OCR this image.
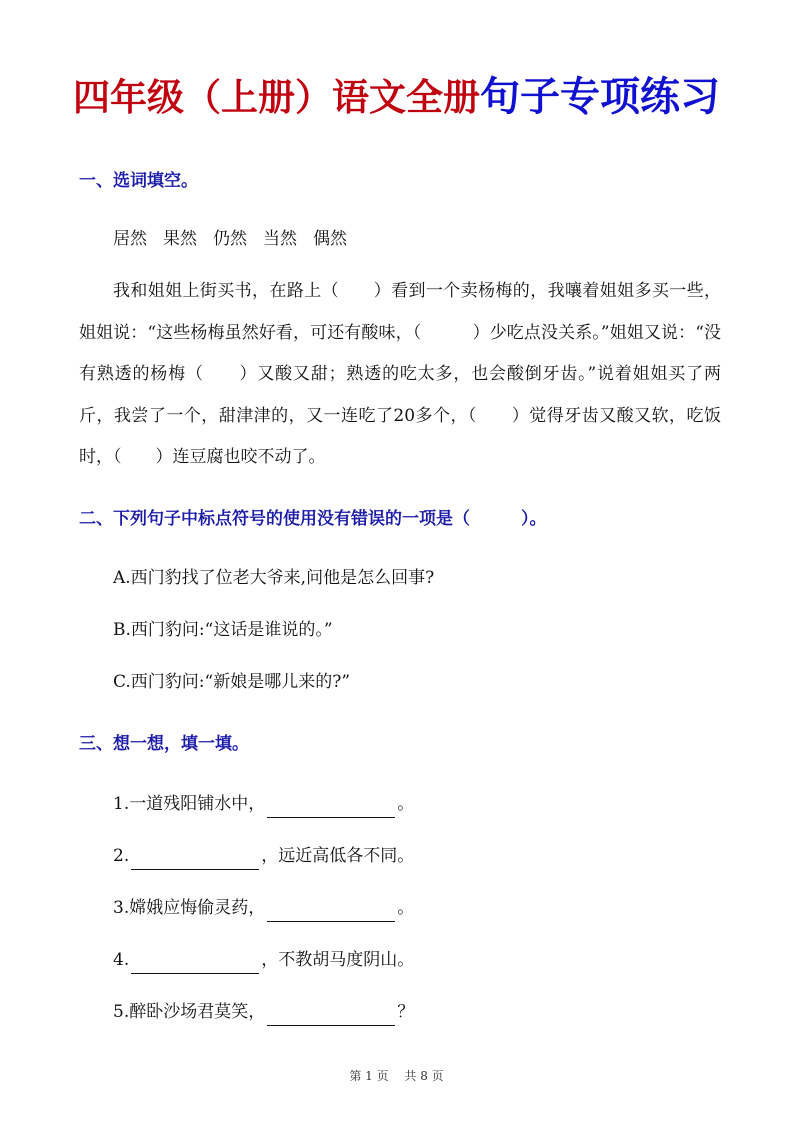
四年级（上册）语文全册句子专项练习
一、选词填空。
居然 果然 仍然 当然 偶然
我和姐姐上街买书，在路上（　　 ）看到一个卖杨梅的，我嚷着姐姐多买一些，姐姐说：“这些杨梅虽然好看，可还有酸味，（　　　	）少吃点没关系。”姐姐又说：“没有熟透的杨梅（　　 ）又酸又甜；熟透的吃太多，也会酸倒牙齿。”说着姐姐买了两斤，我尝了一个，甜津津的，又一连吃了20多个，（　　 ）觉得牙齿又酸又软，吃饭时，（　　 ）连豆腐也咬不动了。
二、下列句子中标点符号的使用没有错误的一项是（　　　）。
A.西门豹找了位老大爷来,问他是怎么回事?
B.西门豹问:“这话是谁说的。”
C.西门豹问:“新娘是哪儿来的?”
三、想一想，填一填。
1.一道残阳铺水中，	。
2.	，远近高低各不同。
3.嫦娥应悔偷灵药，	。
4.	，不教胡马度阴山。
5.醉卧沙场君莫笑，	？
第 1 页　 共 8 页
